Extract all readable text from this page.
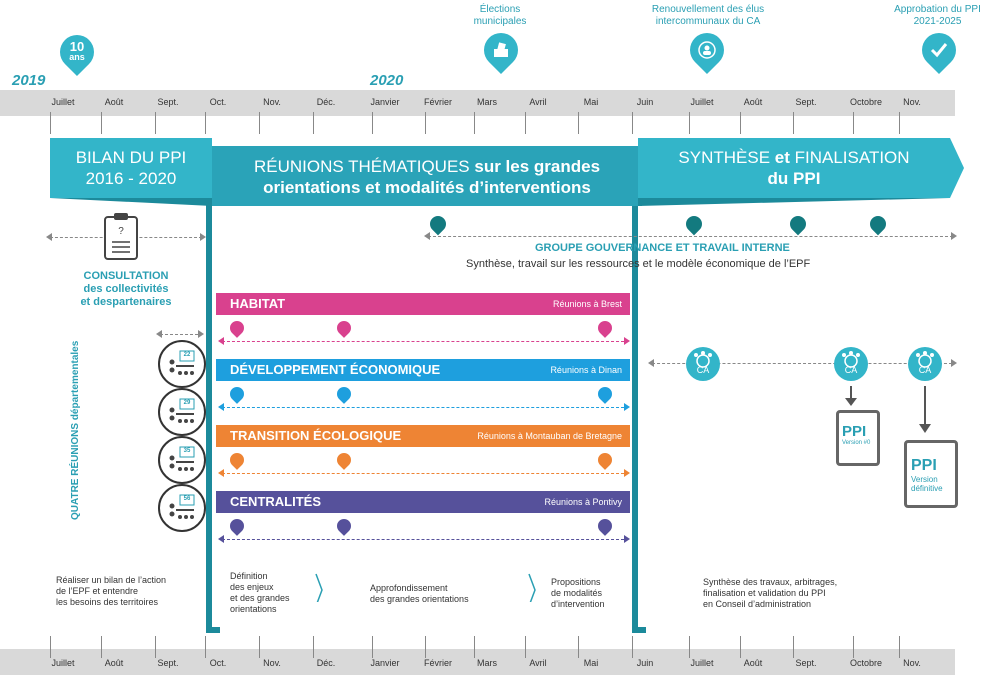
2019	2020
Juillet	Août	Sept.	Oct.	Nov.	Déc.	Janvier	Février	Mars	Avril	Mai	Juin	Juillet	Août	Sept.	Octobre	Nov.
Juillet	Août	Sept.	Oct.	Nov.	Déc.	Janvier	Février	Mars	Avril	Mai	Juin	Juillet	Août	Sept.	Octobre	Nov.
10
ans
Élections
municipales
Renouvellement des élus
intercommunaux du CA
Approbation du PPI
2021-2025
BILAN DU PPI
2016 - 2020
RÉUNIONS THÉMATIQUES sur les grandes
orientations et modalités d’interventions
SYNTHÈSE et FINALISATION
du PPI
?
CONSULTATION
des collectivités
et despartenaires
GROUPE GOUVERNANCE ET TRAVAIL INTERNE
Synthèse, travail sur les ressources et le modèle économique de l’EPF
QUATRE RÉUNIONS départementales	22
29
35
56
HABITAT	Réunions à Brest
DÉVELOPPEMENT ÉCONOMIQUE	Réunions à Dinan
TRANSITION ÉCOLOGIQUE	Réunions à Montauban de Bretagne
CENTRALITÉS	Réunions à Pontivy
CA	CA	CA
PPI
Version #0
PPI
Version
définitive
Réaliser un bilan de l’action
de l’EPF et entendre
les besoins des territoires
Définition
des enjeux
et des grandes
orientations
Approfondissement
des grandes orientations
Propositions
de modalités
d’intervention
Synthèse des travaux, arbitrages,
finalisation et validation du PPI
en Conseil d’administration
